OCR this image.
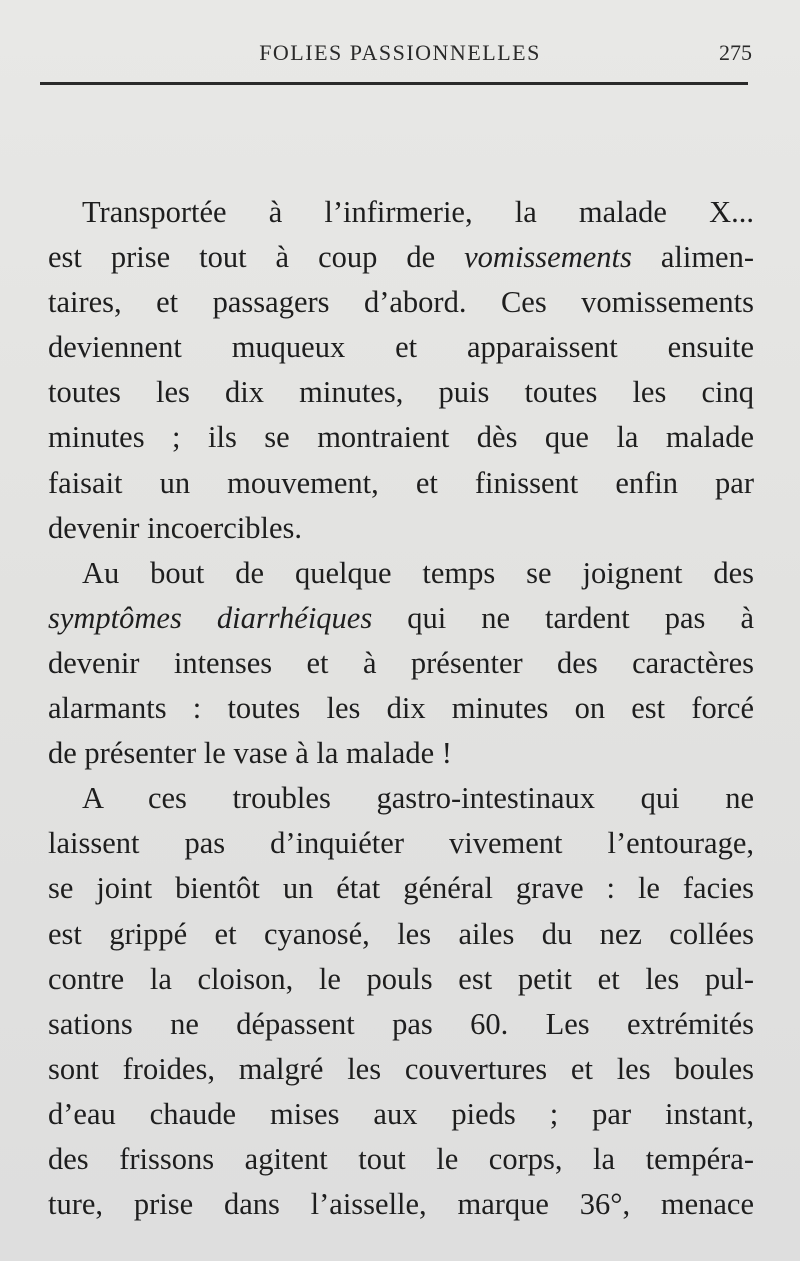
FOLIES PASSIONNELLES	275
Transportée à l’infirmerie, la malade X...
est prise tout à coup de vomissements alimen-
taires, et passagers d’abord. Ces vomissements
deviennent muqueux et apparaissent ensuite
toutes les dix minutes, puis toutes les cinq
minutes ; ils se montraient dès que la malade
faisait un mouvement, et finissent enfin par
devenir incoercibles.
Au bout de quelque temps se joignent des
symptômes diarrhéiques qui ne tardent pas à
devenir intenses et à présenter des caractères
alarmants : toutes les dix minutes on est forcé
de présenter le vase à la malade !
A ces troubles gastro-intestinaux qui ne
laissent pas d’inquiéter vivement l’entourage,
se joint bientôt un état général grave : le facies
est grippé et cyanosé, les ailes du nez collées
contre la cloison, le pouls est petit et les pul-
sations ne dépassent pas 60. Les extrémités
sont froides, malgré les couvertures et les boules
d’eau chaude mises aux pieds ; par instant,
des frissons agitent tout le corps, la tempéra-
ture, prise dans l’aisselle, marque 36°, menace
